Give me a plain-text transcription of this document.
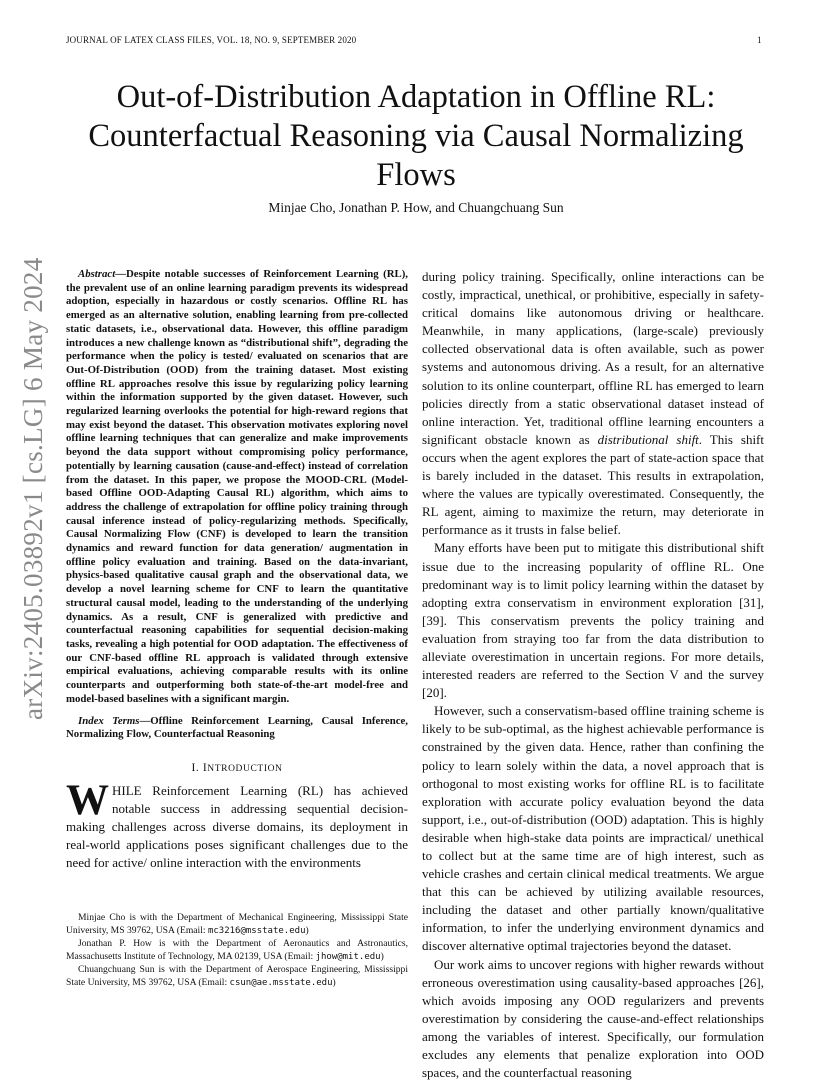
JOURNAL OF LATEX CLASS FILES, VOL. 18, NO. 9, SEPTEMBER 2020	1
arXiv:2405.03892v1 [cs.LG] 6 May 2024
Out-of-Distribution Adaptation in Offline RL:
Counterfactual Reasoning via Causal Normalizing
Flows
Minjae Cho, Jonathan P. How, and Chuangchuang Sun

Abstract—Despite notable successes of Reinforcement Learning (RL), the prevalent use of an online learning paradigm prevents its widespread adoption, especially in hazardous or costly scenarios. Offline RL has emerged as an alternative solution, enabling learning from pre-collected static datasets, i.e., observational data. However, this offline paradigm introduces a new challenge known as “distributional shift”, degrading the performance when the policy is tested/ evaluated on scenarios that are Out-Of-Distribution (OOD) from the training dataset. Most existing offline RL approaches resolve this issue by regularizing policy learning within the information supported by the given dataset. However, such regularized learning overlooks the potential for high-reward regions that may exist beyond the dataset. This observation motivates exploring novel offline learning techniques that can generalize and make improvements beyond the data support without compromising policy performance, potentially by learning causation (cause-and-effect) instead of correlation from the dataset. In this paper, we propose the MOOD-CRL (Model-based Offline OOD-Adapting Causal RL) algorithm, which aims to address the challenge of extrapolation for offline policy training through causal inference instead of policy-regularizing methods. Specifically, Causal Normalizing Flow (CNF) is developed to learn the transition dynamics and reward function for data generation/ augmentation in offline policy evaluation and training. Based on the data-invariant, physics-based qualitative causal graph and the observational data, we develop a novel learning scheme for CNF to learn the quantitative structural causal model, leading to the understanding of the underlying dynamics. As a result, CNF is generalized with predictive and counterfactual reasoning capabilities for sequential decision-making tasks, revealing a high potential for OOD adaptation. The effectiveness of our CNF-based offline RL approach is validated through extensive empirical evaluations, achieving comparable results with its online counterparts and outperforming both state-of-the-art model-free and model-based baselines with a significant margin.

Index Terms—Offline Reinforcement Learning, Causal Inference, Normalizing Flow, Counterfactual Reasoning

I. INTRODUCTION

WHILE Reinforcement Learning (RL) has achieved notable success in addressing sequential decision-making challenges across diverse domains, its deployment in real-world applications poses significant challenges due to the need for active/ online interaction with the environments

Minjae Cho is with the Department of Mechanical Engineering, Mississippi State University, MS 39762, USA (Email: mc3216@msstate.edu)

Jonathan P. How is with the Department of Aeronautics and Astronautics, Massachusetts Institute of Technology, MA 02139, USA (Email: jhow@mit.edu)

Chuangchuang Sun is with the Department of Aerospace Engineering, Mississippi State University, MS 39762, USA (Email: csun@ae.msstate.edu)

during policy training. Specifically, online interactions can be costly, impractical, unethical, or prohibitive, especially in safety-critical domains like autonomous driving or healthcare. Meanwhile, in many applications, (large-scale) previously collected observational data is often available, such as power systems and autonomous driving. As a result, for an alternative solution to its online counterpart, offline RL has emerged to learn policies directly from a static observational dataset instead of online interaction. Yet, traditional offline learning encounters a significant obstacle known as distributional shift. This shift occurs when the agent explores the part of state-action space that is barely included in the dataset. This results in extrapolation, where the values are typically overestimated. Consequently, the RL agent, aiming to maximize the return, may deteriorate in performance as it trusts in false belief.

Many efforts have been put to mitigate this distributional shift issue due to the increasing popularity of offline RL. One predominant way is to limit policy learning within the dataset by adopting extra conservatism in environment exploration [31], [39]. This conservatism prevents the policy training and evaluation from straying too far from the data distribution to alleviate overestimation in uncertain regions. For more details, interested readers are referred to the Section V and the survey [20].

However, such a conservatism-based offline training scheme is likely to be sub-optimal, as the highest achievable performance is constrained by the given data. Hence, rather than confining the policy to learn solely within the data, a novel approach that is orthogonal to most existing works for offline RL is to facilitate exploration with accurate policy evaluation beyond the data support, i.e., out-of-distribution (OOD) adaptation. This is highly desirable when high-stake data points are impractical/ unethical to collect but at the same time are of high interest, such as vehicle crashes and certain clinical medical treatments. We argue that this can be achieved by utilizing available resources, including the dataset and other partially known/qualitative information, to infer the underlying environment dynamics and discover alternative optimal trajectories beyond the dataset.

Our work aims to uncover regions with higher rewards without erroneous overestimation using causality-based approaches [26], which avoids imposing any OOD regularizers and prevents overestimation by considering the cause-and-effect relationships among the variables of interest. Specifically, our formulation excludes any elements that penalize exploration into OOD spaces, and the counterfactual reasoning
